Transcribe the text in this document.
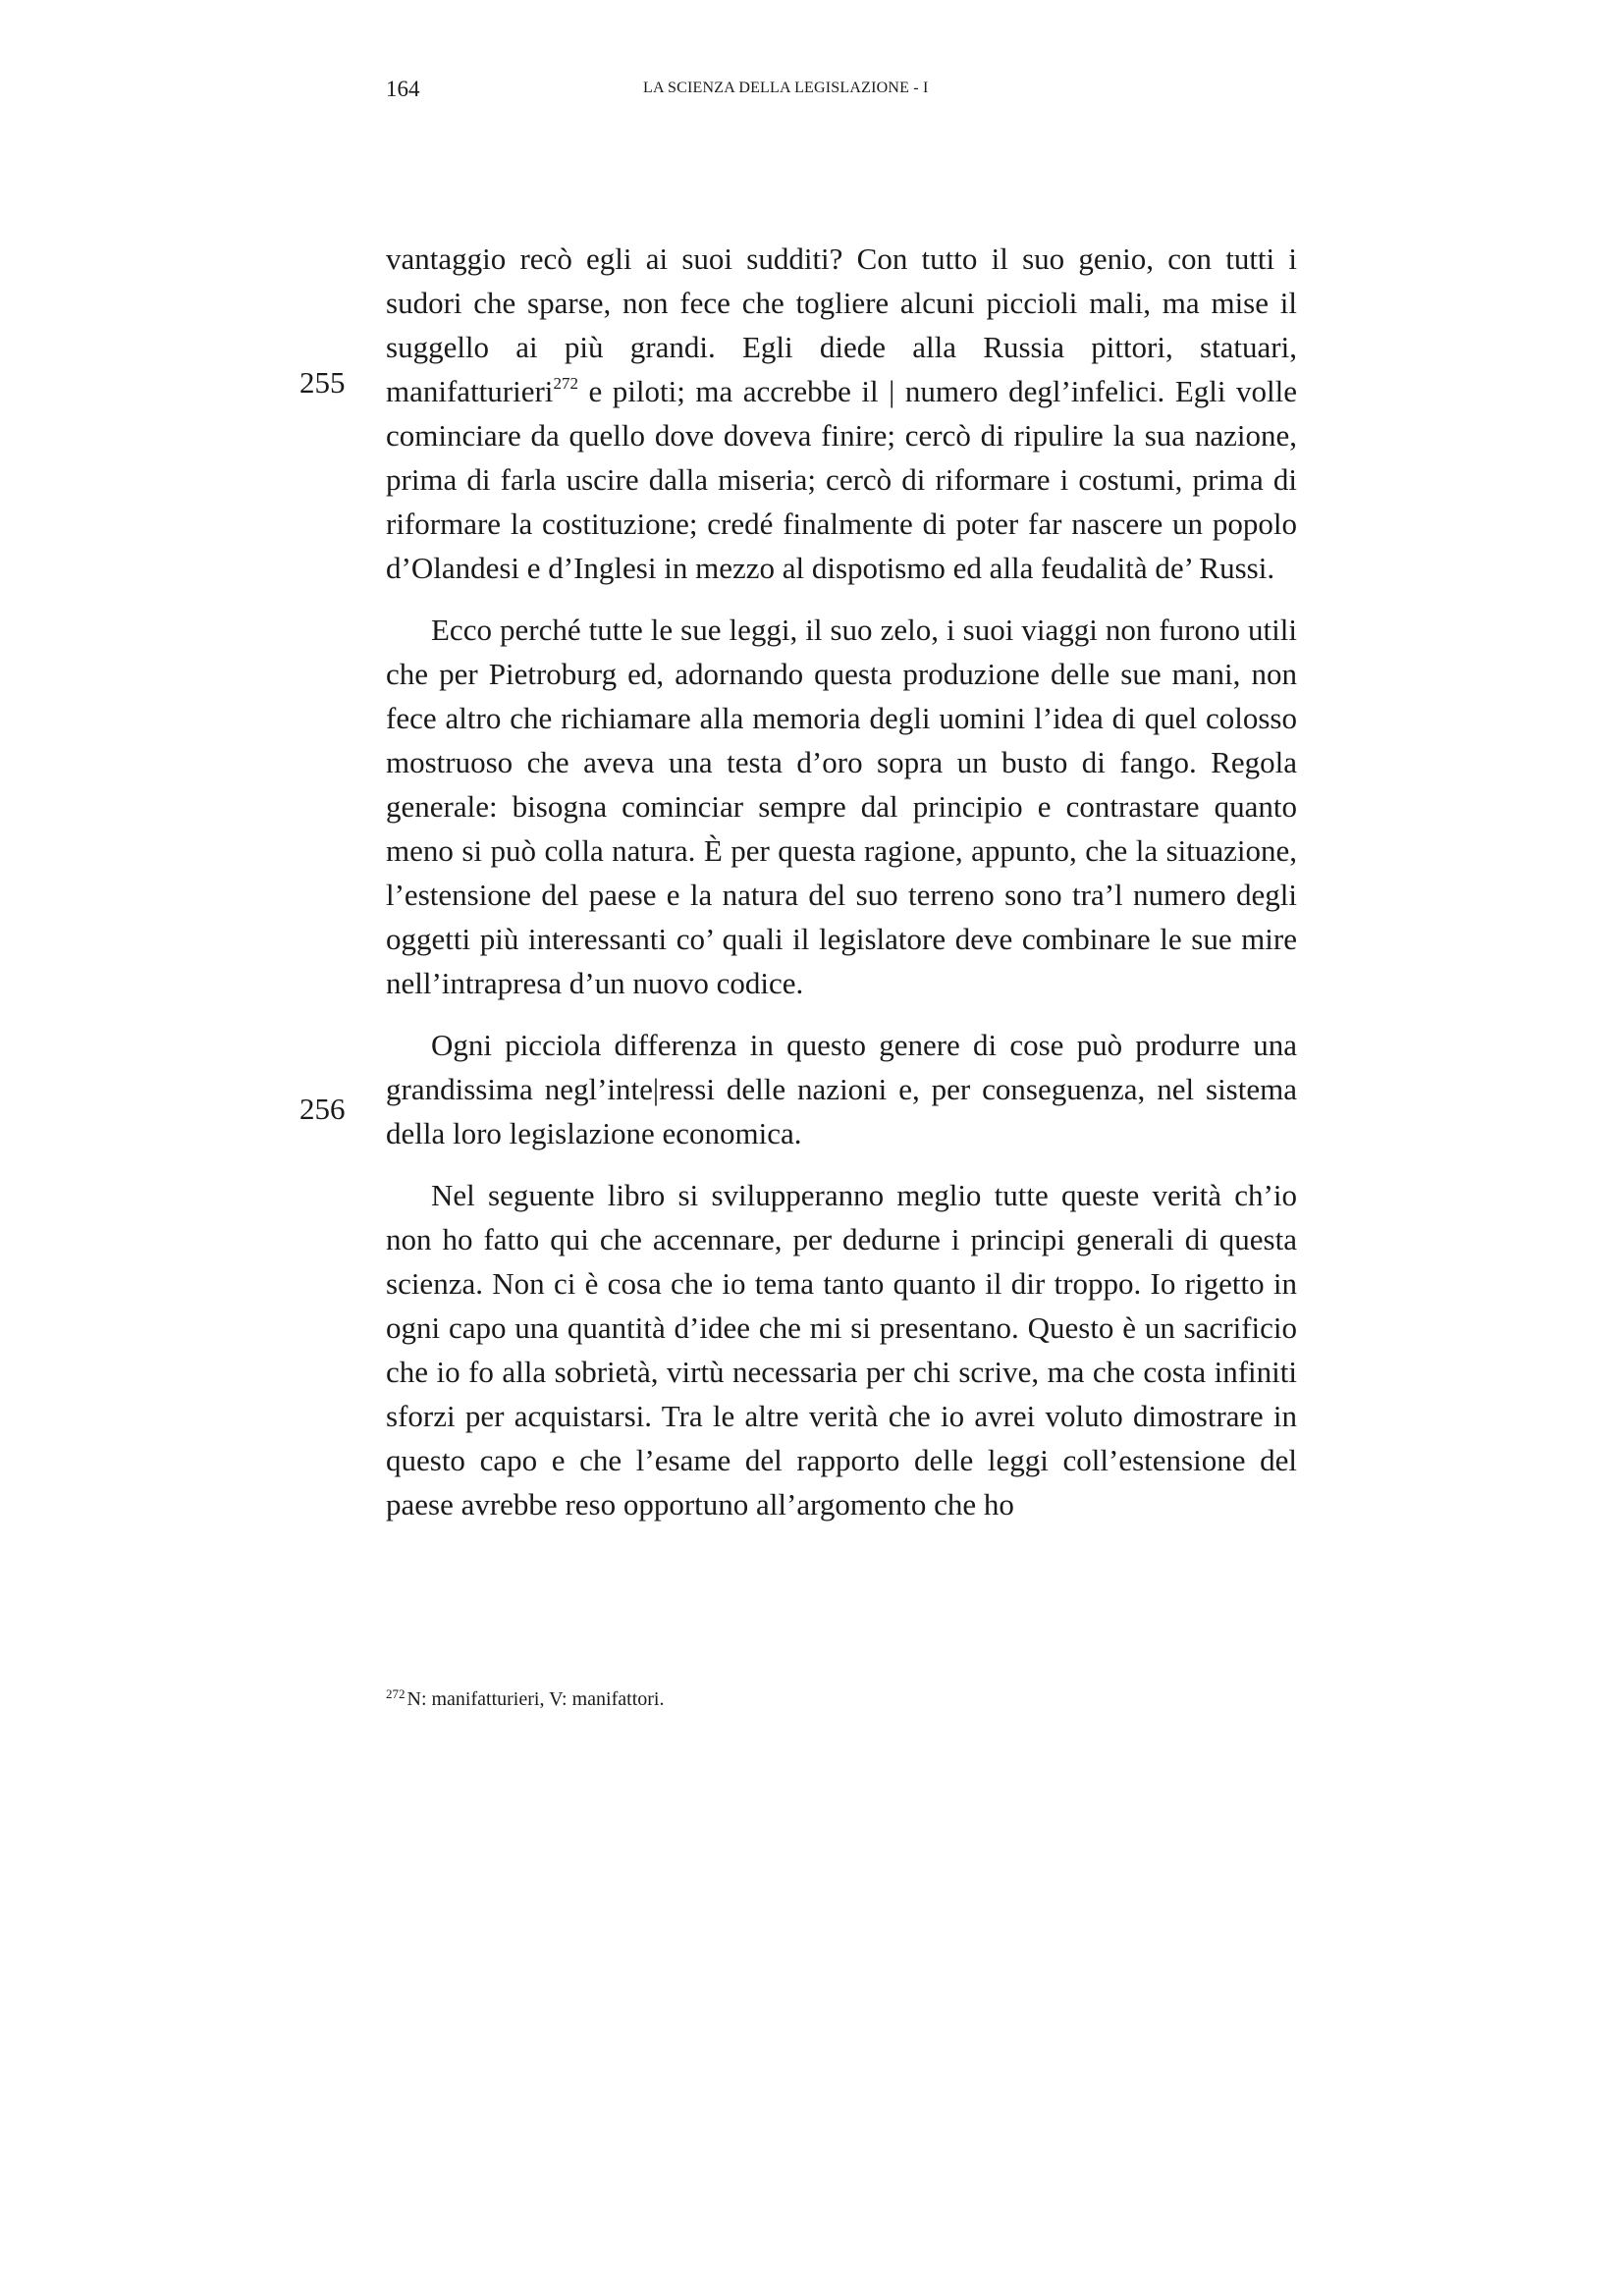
164	LA SCIENZA DELLA LEGISLAZIONE - I
255
256

vantaggio recò egli ai suoi sudditi? Con tutto il suo genio, con tutti i sudori che sparse, non fece che togliere alcuni piccioli mali, ma mise il suggello ai più grandi. Egli diede alla Russia pittori, statuari, manifatturieri$^{272}$ e piloti; ma accrebbe il | numero degl’infelici. Egli volle cominciare da quello dove doveva finire; cercò di ripulire la sua nazione, prima di farla uscire dalla miseria; cercò di riformare i costumi, prima di riformare la costituzione; credé finalmente di poter far nascere un popolo d’Olandesi e d’Inglesi in mezzo al dispotismo ed alla feudalità de’ Russi.

Ecco perché tutte le sue leggi, il suo zelo, i suoi viaggi non furono utili che per Pietroburg ed, adornando questa produzione delle sue mani, non fece altro che richiamare alla memoria degli uomini l’idea di quel colosso mostruoso che aveva una testa d’oro sopra un busto di fango. Regola generale: bisogna cominciar sempre dal principio e contrastare quanto meno si può colla natura. È per questa ragione, appunto, che la situazione, l’estensione del paese e la natura del suo terreno sono tra’l numero degli oggetti più interessanti co’ quali il legislatore deve combinare le sue mire nell’intrapresa d’un nuovo codice.

Ogni picciola differenza in questo genere di cose può produrre una grandissima negl’inte|ressi delle nazioni e, per conseguenza, nel sistema della loro legislazione economica.

Nel seguente libro si svilupperanno meglio tutte queste verità ch’io non ho fatto qui che accennare, per dedurne i principi generali di questa scienza. Non ci è cosa che io tema tanto quanto il dir troppo. Io rigetto in ogni capo una quantità d’idee che mi si presentano. Questo è un sacrificio che io fo alla sobrietà, virtù necessaria per chi scrive, ma che costa infiniti sforzi per acquistarsi. Tra le altre verità che io avrei voluto dimostrare in questo capo e che l’esame del rapporto delle leggi coll’estensione del paese avrebbe reso opportuno all’argomento che ho

$^{272}$ N: manifatturieri, V: manifattori.
